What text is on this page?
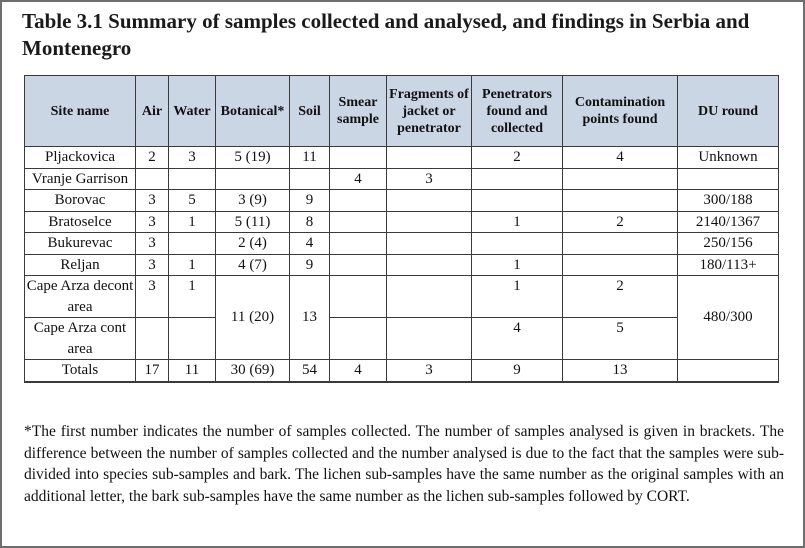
Table 3.1 Summary of samples collected and analysed, and findings in Serbia and Montenegro
Site name	Air	Water	Botanical*	Soil	Smear sample	Fragments of jacket or penetrator	Penetrators found and collected	Contamination points found	DU round
Pljackovica	2	3	5 (19)	11			2	4	Unknown
Vranje Garrison					4	3			
Borovac	3	5	3 (9)	9					300/188
Bratoselce	3	1	5 (11)	8			1	2	2140/1367
Bukurevac	3		2 (4)	4					250/156
Reljan	3	1	4 (7)	9			1		180/113+
Cape Arza decont area	3	1	11 (20)	13			1	2	480/300
Cape Arza cont area							4	5	
Totals	17	11	30 (69)	54	4	3	9	13	
*The first number indicates the number of samples collected. The number of samples analysed is given in brackets. The difference between the number of samples collected and the number analysed is due to the fact that the samples were sub-divided into species sub-samples and bark. The lichen sub-samples have the same number as the original samples with an additional letter, the bark sub-samples have the same number as the lichen sub-samples followed by CORT.
